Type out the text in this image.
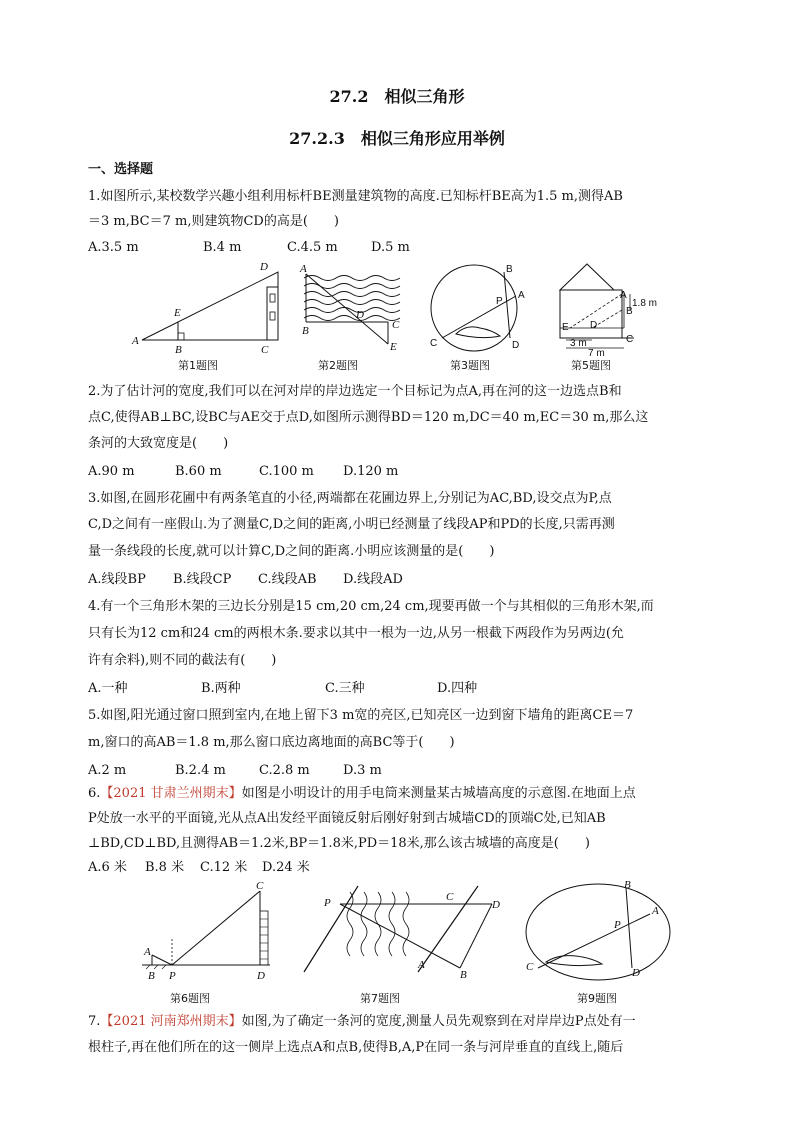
27.2　相似三角形
27.2.3　相似三角形应用举例
一、选择题
1.如图所示,某校数学兴趣小组利用标杆BE测量建筑物的高度.已知标杆BE高为1.5 m,测得AB
＝3 m,BC＝7 m,则建筑物CD的高是(　　)
A.3.5 m	B.4 m	C.4.5 m	D.5 m
D
E
A
B	C
第1题图
A
D
B	C
E
第2题图
B
A
P
C	D
第3题图
A
1.8 m
B
E D
C
3 m
7 m
第5题图
2.为了估计河的宽度,我们可以在河对岸的岸边选定一个目标记为点A,再在河的这一边选点B和
点C,使得AB⊥BC,设BC与AE交于点D,如图所示测得BD＝120 m,DC＝40 m,EC＝30 m,那么这
条河的大致宽度是(　　)
A.90 m	B.60 m	C.100 m D.120 m
3.如图,在圆形花圃中有两条笔直的小径,两端都在花圃边界上,分别记为AC,BD,设交点为P,点
C,D之间有一座假山.为了测量C,D之间的距离,小明已经测量了线段AP和PD的长度,只需再测
量一条线段的长度,就可以计算C,D之间的距离.小明应该测量的是(　　)
A.线段BP B.线段CP C.线段AB D.线段AD
4.有一个三角形木架的三边长分别是15 cm,20 cm,24 cm,现要再做一个与其相似的三角形木架,而
只有长为12 cm和24 cm的两根木条.要求以其中一根为一边,从另一根截下两段作为另两边(允
许有余料),则不同的截法有(　　)
A.一种	B.两种	C.三种	D.四种
5.如图,阳光通过窗口照到室内,在地上留下3 m宽的亮区,已知亮区一边到窗下墙角的距离CE＝7
m,窗口的高AB＝1.8 m,那么窗口底边离地面的高BC等于(　　)
A.2 m	B.2.4 m	C.2.8 m	D.3 m
6.【2021 甘肃兰州期末】如图是小明设计的用手电筒来测量某古城墙高度的示意图.在地面上点
P处放一水平的平面镜,光从点A出发经平面镜反射后刚好射到古城墙CD的顶端C处,已知AB
⊥BD,CD⊥BD,且测得AB＝1.2米,BP＝1.8米,PD＝18米,那么该古城墙的高度是(　　)
A.6 米 B.8 米 C.12 米 D.24 米
C
A
B P	D
第6题图
P	C
D
A
B
第7题图
B
A
P
C	D
第9题图
7.【2021 河南郑州期末】如图,为了确定一条河的宽度,测量人员先观察到在对岸岸边P点处有一
根柱子,再在他们所在的这一侧岸上选点A和点B,使得B,A,P在同一条与河岸垂直的直线上,随后
